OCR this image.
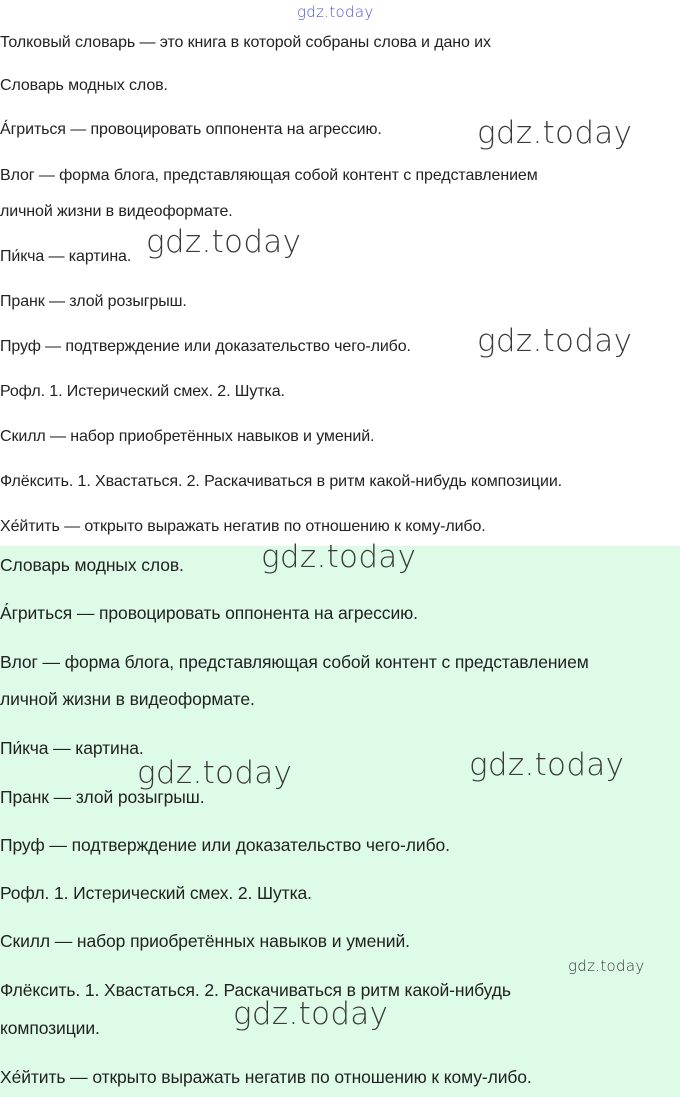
Толковый словарь — это книга в которой собраны слова и дано их

Словарь модных слов.

А́гриться — провоцировать оппонента на агрессию.

Влог — форма блога, представляющая собой контент с представлением

личной жизни в видеоформате.

Пи́кча — картина.

Пранк — злой розыгрыш.

Пруф — подтверждение или доказательство чего-либо.

Рофл. 1. Истерический смех. 2. Шутка.

Скилл — набор приобретённых навыков и умений.

Флёксить. 1. Хвастаться. 2. Раскачиваться в ритм какой-нибудь композиции.

Хе́йтить — открыто выражать негатив по отношению к кому-либо.

Словарь модных слов.

А́гриться — провоцировать оппонента на агрессию.

Влог — форма блога, представляющая собой контент с представлением

личной жизни в видеоформате.

Пи́кча — картина.

Пранк — злой розыгрыш.

Пруф — подтверждение или доказательство чего-либо.

Рофл. 1. Истерический смех. 2. Шутка.

Скилл — набор приобретённых навыков и умений.

Флёксить. 1. Хвастаться. 2. Раскачиваться в ритм какой-нибудь

композиции.

Хе́йтить — открыто выражать негатив по отношению к кому-либо.

gdz.today
gdz.today
gdz.today
gdz.today
gdz.today
gdz.today	gdz.today
gdz.today
gdz.today
